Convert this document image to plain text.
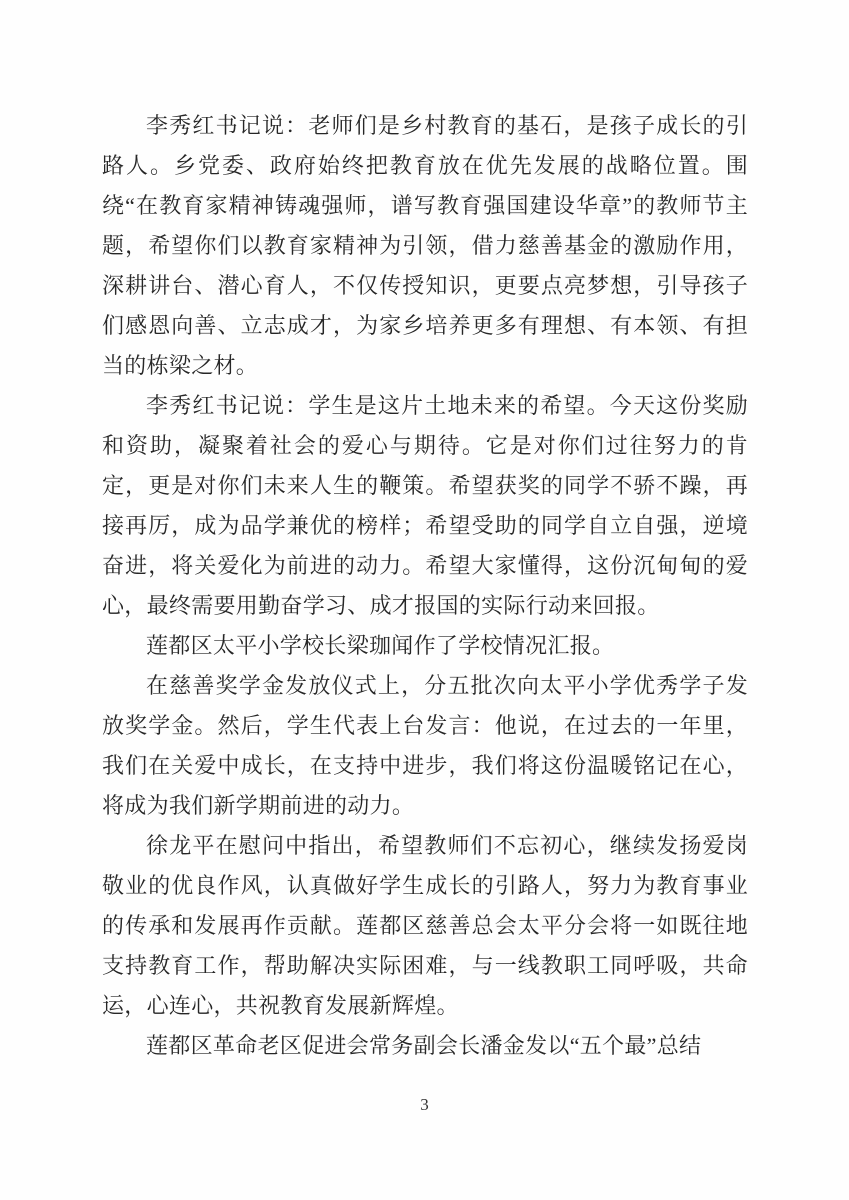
李秀红书记说：老师们是乡村教育的基石，是孩子成长的引路人。乡党委、政府始终把教育放在优先发展的战略位置。围绕“在教育家精神铸魂强师，谱写教育强国建设华章”的教师节主题，希望你们以教育家精神为引领，借力慈善基金的激励作用，深耕讲台、潜心育人，不仅传授知识，更要点亮梦想，引导孩子们感恩向善、立志成才，为家乡培养更多有理想、有本领、有担当的栋梁之材。

李秀红书记说：学生是这片土地未来的希望。今天这份奖励和资助，凝聚着社会的爱心与期待。它是对你们过往努力的肯定，更是对你们未来人生的鞭策。希望获奖的同学不骄不躁，再接再厉，成为品学兼优的榜样；希望受助的同学自立自强，逆境奋进，将关爱化为前进的动力。希望大家懂得，这份沉甸甸的爱心，最终需要用勤奋学习、成才报国的实际行动来回报。

莲都区太平小学校长梁珈闻作了学校情况汇报。

在慈善奖学金发放仪式上，分五批次向太平小学优秀学子发放奖学金。然后，学生代表上台发言：他说，在过去的一年里，我们在关爱中成长，在支持中进步，我们将这份温暖铭记在心，将成为我们新学期前进的动力。

徐龙平在慰问中指出，希望教师们不忘初心，继续发扬爱岗敬业的优良作风，认真做好学生成长的引路人，努力为教育事业的传承和发展再作贡献。莲都区慈善总会太平分会将一如既往地支持教育工作，帮助解决实际困难，与一线教职工同呼吸，共命运，心连心，共祝教育发展新辉煌。

莲都区革命老区促进会常务副会长潘金发以“五个最”总结

3
